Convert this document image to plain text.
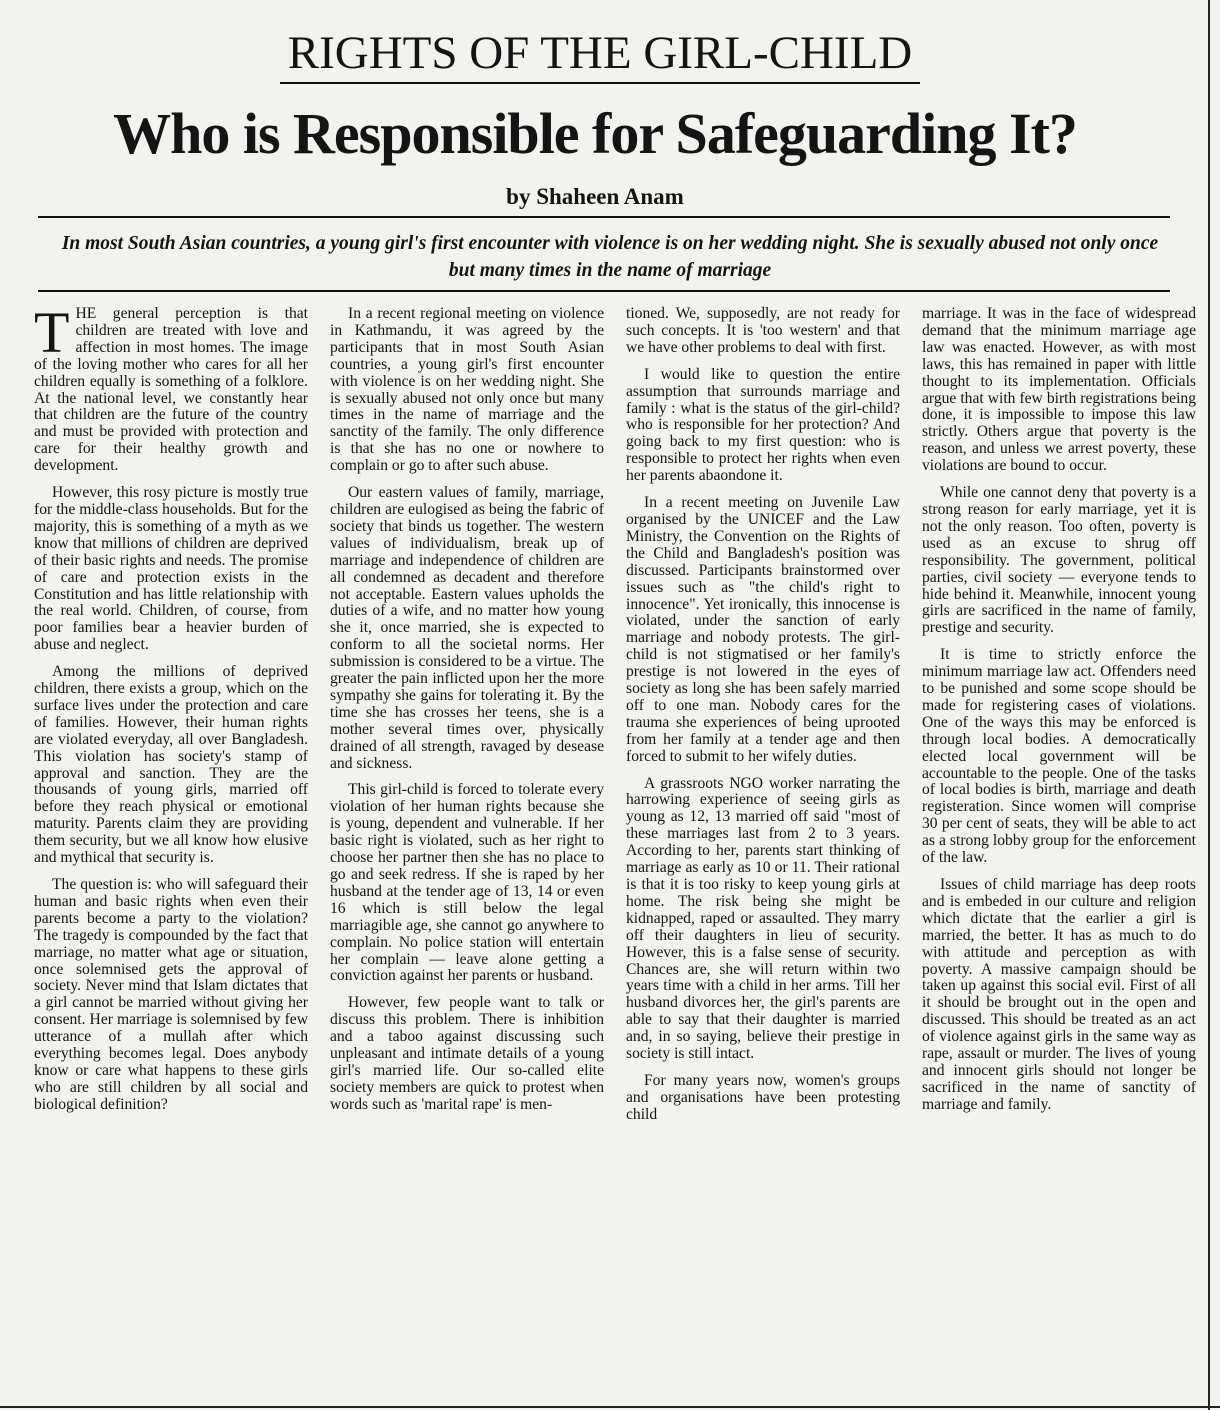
RIGHTS OF THE GIRL-CHILD
Who is Responsible for Safeguarding It?
by Shaheen Anam
In most South Asian countries, a young girl's first encounter with violence is on her wedding night. She is sexually abused not only once but many times in the name of marriage

THE general perception is that children are treated with love and affection in most homes. The image of the loving mother who cares for all her children equally is something of a folklore. At the national level, we constantly hear that children are the future of the country and must be provided with protection and care for their healthy growth and development.

However, this rosy picture is mostly true for the middle-class households. But for the majority, this is something of a myth as we know that millions of children are deprived of their basic rights and needs. The promise of care and protection exists in the Constitution and has little relationship with the real world. Children, of course, from poor families bear a heavier burden of abuse and neglect.

Among the millions of deprived children, there exists a group, which on the surface lives under the protection and care of families. However, their human rights are violated everyday, all over Bangladesh. This violation has society's stamp of approval and sanction. They are the thousands of young girls, married off before they reach physical or emotional maturity. Parents claim they are providing them security, but we all know how elusive and mythical that security is.

The question is: who will safeguard their human and basic rights when even their parents become a party to the violation? The tragedy is compounded by the fact that marriage, no matter what age or situation, once solemnised gets the approval of society. Never mind that Islam dictates that a girl cannot be married without giving her consent. Her marriage is solemnised by few utterance of a mullah after which everything becomes legal. Does anybody know or care what happens to these girls who are still children by all social and biological definition?

In a recent regional meeting on violence in Kathmandu, it was agreed by the participants that in most South Asian countries, a young girl's first encounter with violence is on her wedding night. She is sexually abused not only once but many times in the name of marriage and the sanctity of the family. The only difference is that she has no one or nowhere to complain or go to after such abuse.

Our eastern values of family, marriage, children are eulogised as being the fabric of society that binds us together. The western values of individualism, break up of marriage and independence of children are all condemned as decadent and therefore not acceptable. Eastern values upholds the duties of a wife, and no matter how young she it, once married, she is expected to conform to all the societal norms. Her submission is considered to be a virtue. The greater the pain inflicted upon her the more sympathy she gains for tolerating it. By the time she has crosses her teens, she is a mother several times over, physically drained of all strength, ravaged by desease and sickness.

This girl-child is forced to tolerate every violation of her human rights because she is young, dependent and vulnerable. If her basic right is violated, such as her right to choose her partner then she has no place to go and seek redress. If she is raped by her husband at the tender age of 13, 14 or even 16 which is still below the legal marriagible age, she cannot go anywhere to complain. No police station will entertain her complain — leave alone getting a conviction against her parents or husband.

However, few people want to talk or discuss this problem. There is inhibition and a taboo against discussing such unpleasant and intimate details of a young girl's married life. Our so-called elite society members are quick to protest when words such as 'marital rape' is men-

tioned. We, supposedly, are not ready for such concepts. It is 'too western' and that we have other problems to deal with first.

I would like to question the entire assumption that surrounds marriage and family : what is the status of the girl-child? who is responsible for her protection? And going back to my first question: who is responsible to protect her rights when even her parents abaondone it.

In a recent meeting on Juvenile Law organised by the UNICEF and the Law Ministry, the Convention on the Rights of the Child and Bangladesh's position was discussed. Participants brainstormed over issues such as "the child's right to innocence". Yet ironically, this innocense is violated, under the sanction of early marriage and nobody protests. The girl-child is not stigmatised or her family's prestige is not lowered in the eyes of society as long she has been safely married off to one man. Nobody cares for the trauma she experiences of being uprooted from her family at a tender age and then forced to submit to her wifely duties.

A grassroots NGO worker narrating the harrowing experience of seeing girls as young as 12, 13 married off said "most of these marriages last from 2 to 3 years. According to her, parents start thinking of marriage as early as 10 or 11. Their rational is that it is too risky to keep young girls at home. The risk being she might be kidnapped, raped or assaulted. They marry off their daughters in lieu of security. However, this is a false sense of security. Chances are, she will return within two years time with a child in her arms. Till her husband divorces her, the girl's parents are able to say that their daughter is married and, in so saying, believe their prestige in society is still intact.

For many years now, women's groups and organisations have been protesting child

marriage. It was in the face of widespread demand that the minimum marriage age law was enacted. However, as with most laws, this has remained in paper with little thought to its implementation. Officials argue that with few birth registrations being done, it is impossible to impose this law strictly. Others argue that poverty is the reason, and unless we arrest poverty, these violations are bound to occur.

While one cannot deny that poverty is a strong reason for early marriage, yet it is not the only reason. Too often, poverty is used as an excuse to shrug off responsibility. The government, political parties, civil society — everyone tends to hide behind it. Meanwhile, innocent young girls are sacrificed in the name of family, prestige and security.

It is time to strictly enforce the minimum marriage law act. Offenders need to be punished and some scope should be made for registering cases of violations. One of the ways this may be enforced is through local bodies. A democratically elected local government will be accountable to the people. One of the tasks of local bodies is birth, marriage and death registeration. Since women will comprise 30 per cent of seats, they will be able to act as a strong lobby group for the enforcement of the law.

Issues of child marriage has deep roots and is embeded in our culture and religion which dictate that the earlier a girl is married, the better. It has as much to do with attitude and perception as with poverty. A massive campaign should be taken up against this social evil. First of all it should be brought out in the open and discussed. This should be treated as an act of violence against girls in the same way as rape, assault or murder. The lives of young and innocent girls should not longer be sacrificed in the name of sanctity of marriage and family.
